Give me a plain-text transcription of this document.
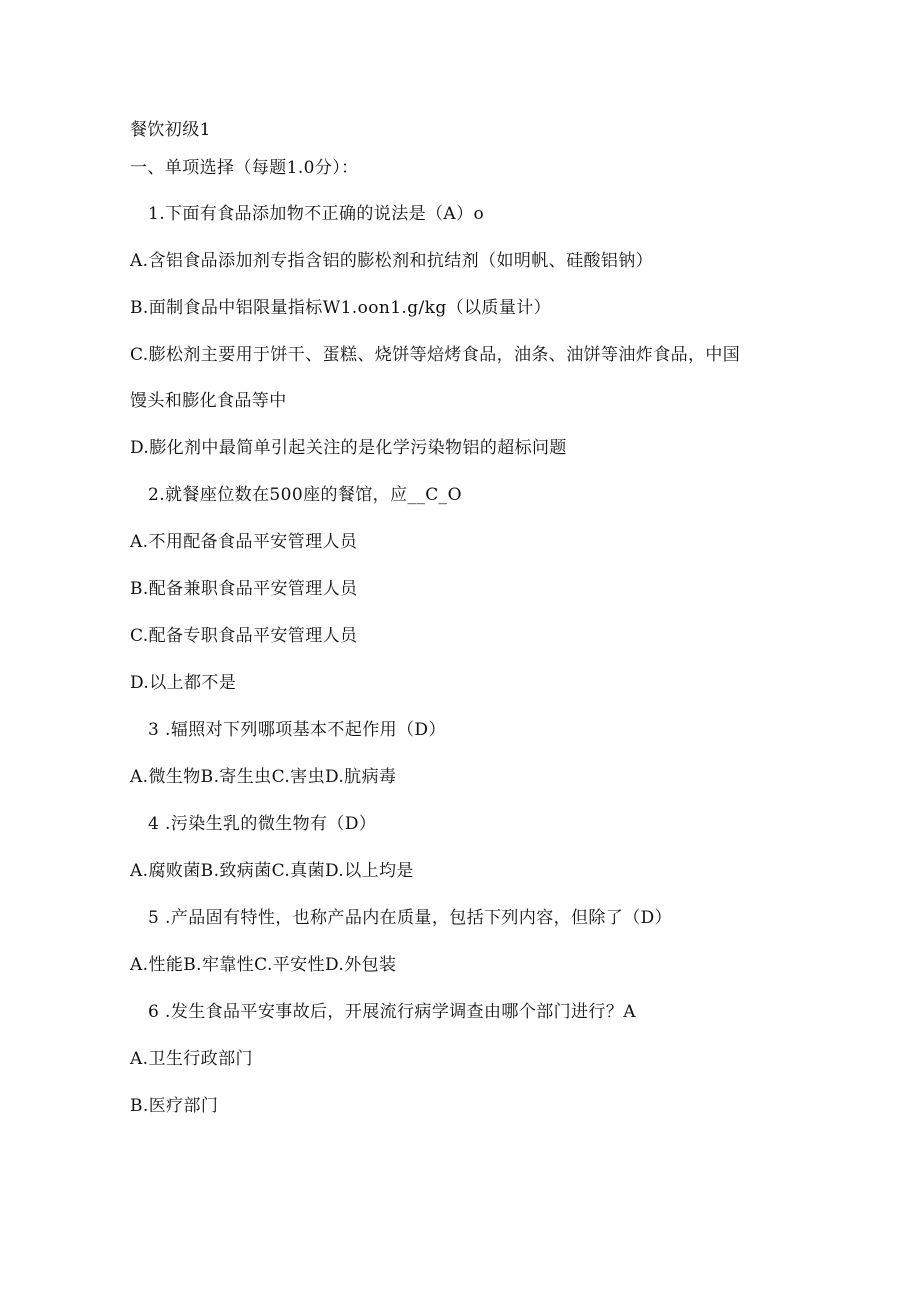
餐饮初级1
一、单项选择（每题1.0分）：
1.下面有食品添加物不正确的说法是（A）o
A.含铝食品添加剂专指含铝的膨松剂和抗结剂（如明帆、硅酸铝钠）
B.面制食品中铝限量指标W1.oon1.g/kg（以质量计）
C.膨松剂主要用于饼干、蛋糕、烧饼等焙烤食品，油条、油饼等油炸食品，中国
馒头和膨化食品等中
D.膨化剂中最简单引起关注的是化学污染物铝的超标问题
2.就餐座位数在500座的餐馆，应__C_O
A.不用配备食品平安管理人员
B.配备兼职食品平安管理人员
C.配备专职食品平安管理人员
D.以上都不是
3 .辐照对下列哪项基本不起作用（D）
A.微生物B.寄生虫C.害虫D.肮病毒
4 .污染生乳的微生物有（D）
A.腐败菌B.致病菌C.真菌D.以上均是
5 .产品固有特性，也称产品内在质量，包括下列内容，但除了（D）
A.性能B.牢靠性C.平安性D.外包装
6 .发生食品平安事故后，开展流行病学调查由哪个部门进行？A
A.卫生行政部门
B.医疗部门
